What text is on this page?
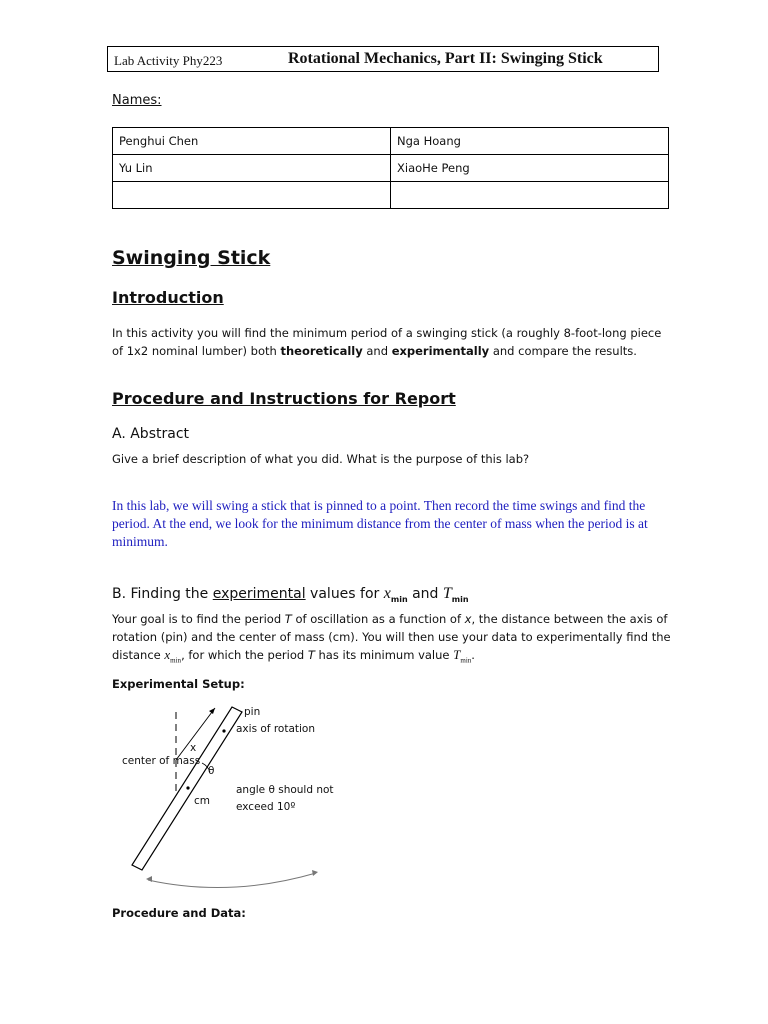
Lab Activity Phy223	Rotational Mechanics, Part II: Swinging Stick
Names:
Penghui Chen	Nga Hoang
Yu Lin	XiaoHe Peng

Swinging Stick
Introduction
In this activity you will find the minimum period of a swinging stick (a roughly 8-foot-long piece of 1x2 nominal lumber) both theoretically and experimentally and compare the results.
Procedure and Instructions for Report
A. Abstract
Give a brief description of what you did. What is the purpose of this lab?
In this lab, we will swing a stick that is pinned to a point. Then record the time swings and find the period. At the end, we look for the minimum distance from the center of mass when the period is at minimum.
B. Finding the experimental values for $x_{min}$ and $T_{min}$
Your goal is to find the period T of oscillation as a function of x, the distance between the axis of rotation (pin) and the center of mass (cm). You will then use your data to experimentally find the distance $x_{min}$, for which the period T has its minimum value $T_{min}$.
Experimental Setup:
pin
axis of rotation
x
center of mass
θ
cm
angle θ should not
exceed 10º
Procedure and Data:
